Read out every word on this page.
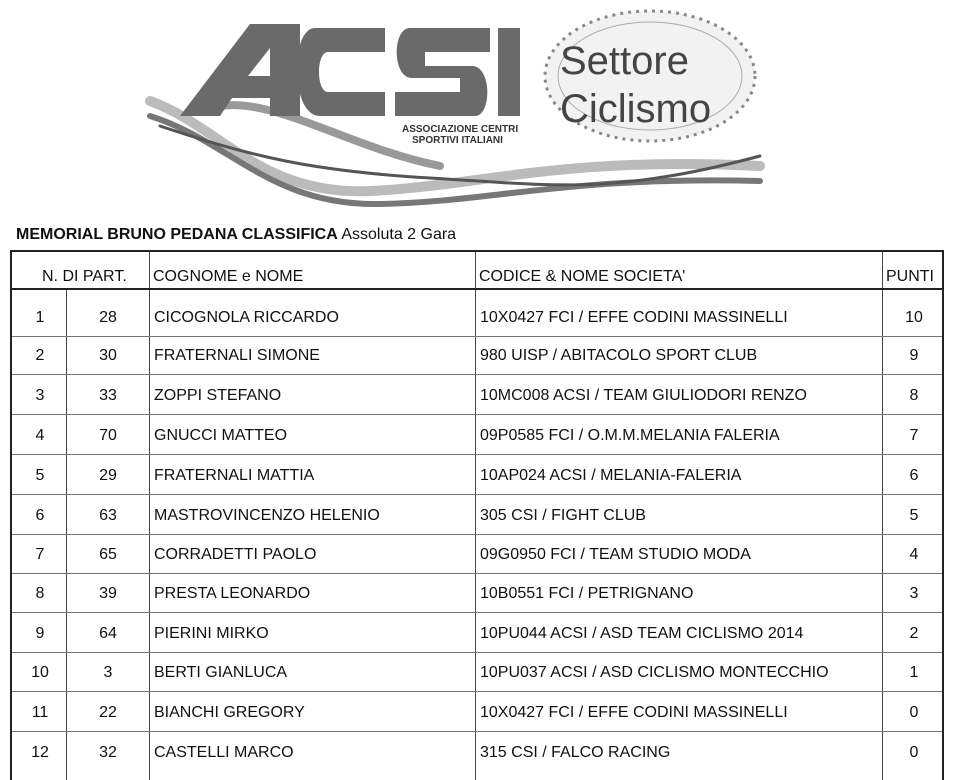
ASSOCIAZIONE CENTRI
SPORTIVI ITALIANI
Settore
Ciclismo
MEMORIAL BRUNO PEDANA CLASSIFICA Assoluta 2 Gara
N. DI PART. COGNOME e NOME	CODICE & NOME SOCIETA'	PUNTI
1	28	CICOGNOLA RICCARDO	10X0427 FCI / EFFE CODINI MASSINELLI	10
2	30	FRATERNALI SIMONE	980 UISP / ABITACOLO SPORT CLUB	9
3	33	ZOPPI STEFANO	10MC008 ACSI / TEAM GIULIODORI RENZO	8
4	70	GNUCCI MATTEO	09P0585 FCI / O.M.M.MELANIA FALERIA	7
5	29	FRATERNALI MATTIA	10AP024 ACSI / MELANIA-FALERIA	6
6	63	MASTROVINCENZO HELENIO	305 CSI / FIGHT CLUB	5
7	65	CORRADETTI PAOLO	09G0950 FCI / TEAM STUDIO MODA	4
8	39	PRESTA LEONARDO	10B0551 FCI / PETRIGNANO	3
9	64	PIERINI MIRKO	10PU044 ACSI / ASD TEAM CICLISMO 2014	2
10	3	BERTI GIANLUCA	10PU037 ACSI / ASD CICLISMO MONTECCHIO	1
11	22	BIANCHI GREGORY	10X0427 FCI / EFFE CODINI MASSINELLI	0
12	32	CASTELLI MARCO	315 CSI / FALCO RACING	0
